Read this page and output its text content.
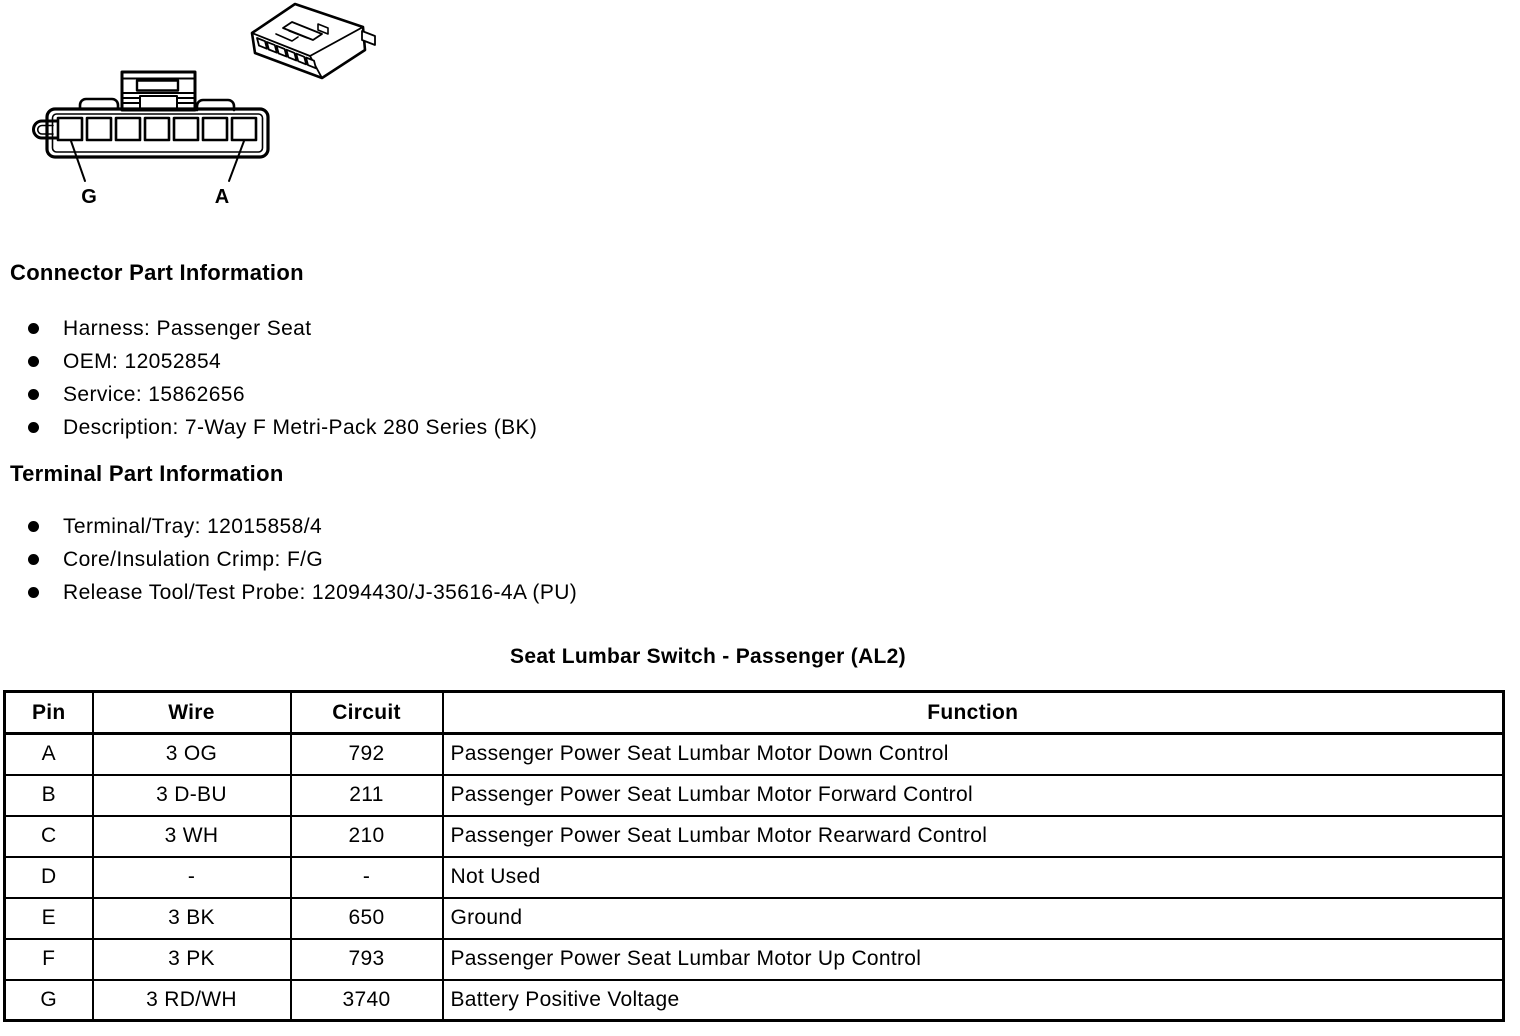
G	A
Connector Part Information
Harness: Passenger Seat
OEM: 12052854
Service: 15862656
Description: 7-Way F Metri-Pack 280 Series (BK)
Terminal Part Information
Terminal/Tray: 12015858/4
Core/Insulation Crimp: F/G
Release Tool/Test Probe: 12094430/J-35616-4A (PU)
Seat Lumbar Switch - Passenger (AL2)
Pin	Wire	Circuit	Function
A	3 OG	792	Passenger Power Seat Lumbar Motor Down Control
B	3 D-BU	211	Passenger Power Seat Lumbar Motor Forward Control
C	3 WH	210	Passenger Power Seat Lumbar Motor Rearward Control
D	-	-	Not Used
E	3 BK	650	Ground
F	3 PK	793	Passenger Power Seat Lumbar Motor Up Control
G	3 RD/WH	3740	Battery Positive Voltage
